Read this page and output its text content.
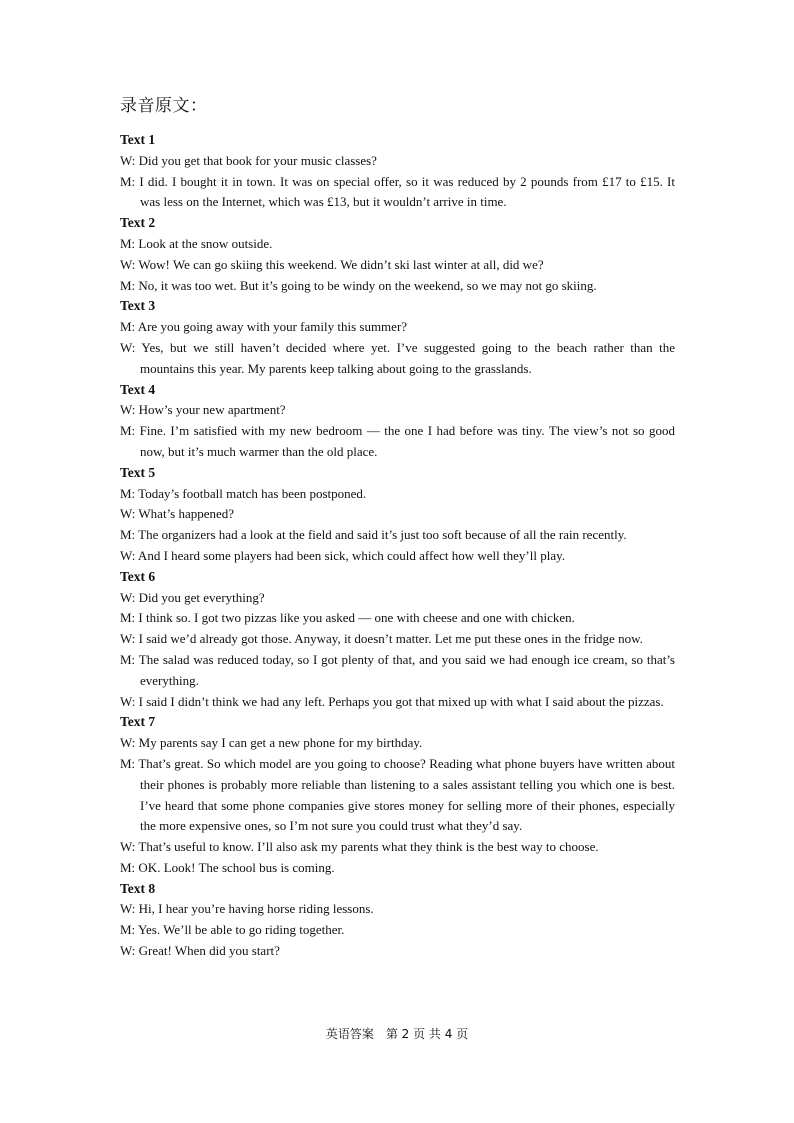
录音原文：
Text 1
W: Did you get that book for your music classes?
M: I did. I bought it in town. It was on special offer, so it was reduced by 2 pounds from £17 to £15. It was less on the Internet, which was £13, but it wouldn’t arrive in time.
Text 2
M: Look at the snow outside.
W: Wow! We can go skiing this weekend. We didn’t ski last winter at all, did we?
M: No, it was too wet. But it’s going to be windy on the weekend, so we may not go skiing.
Text 3
M: Are you going away with your family this summer?
W: Yes, but we still haven’t decided where yet. I’ve suggested going to the beach rather than the mountains this year. My parents keep talking about going to the grasslands.
Text 4
W: How’s your new apartment?
M: Fine. I’m satisfied with my new bedroom — the one I had before was tiny. The view’s not so good now, but it’s much warmer than the old place.
Text 5
M: Today’s football match has been postponed.
W: What’s happened?
M: The organizers had a look at the field and said it’s just too soft because of all the rain recently.
W: And I heard some players had been sick, which could affect how well they’ll play.
Text 6
W: Did you get everything?
M: I think so. I got two pizzas like you asked — one with cheese and one with chicken.
W: I said we’d already got those. Anyway, it doesn’t matter. Let me put these ones in the fridge now.
M: The salad was reduced today, so I got plenty of that, and you said we had enough ice cream, so that’s everything.
W: I said I didn’t think we had any left. Perhaps you got that mixed up with what I said about the pizzas.
Text 7
W: My parents say I can get a new phone for my birthday.
M: That’s great. So which model are you going to choose? Reading what phone buyers have written about their phones is probably more reliable than listening to a sales assistant telling you which one is best. I’ve heard that some phone companies give stores money for selling more of their phones, especially the more expensive ones, so I’m not sure you could trust what they’d say.
W: That’s useful to know. I’ll also ask my parents what they think is the best way to choose.
M: OK. Look! The school bus is coming.
Text 8
W: Hi, I hear you’re having horse riding lessons.
M: Yes. We’ll be able to go riding together.
W: Great! When did you start?
英语答案　第 2 页 共 4 页
